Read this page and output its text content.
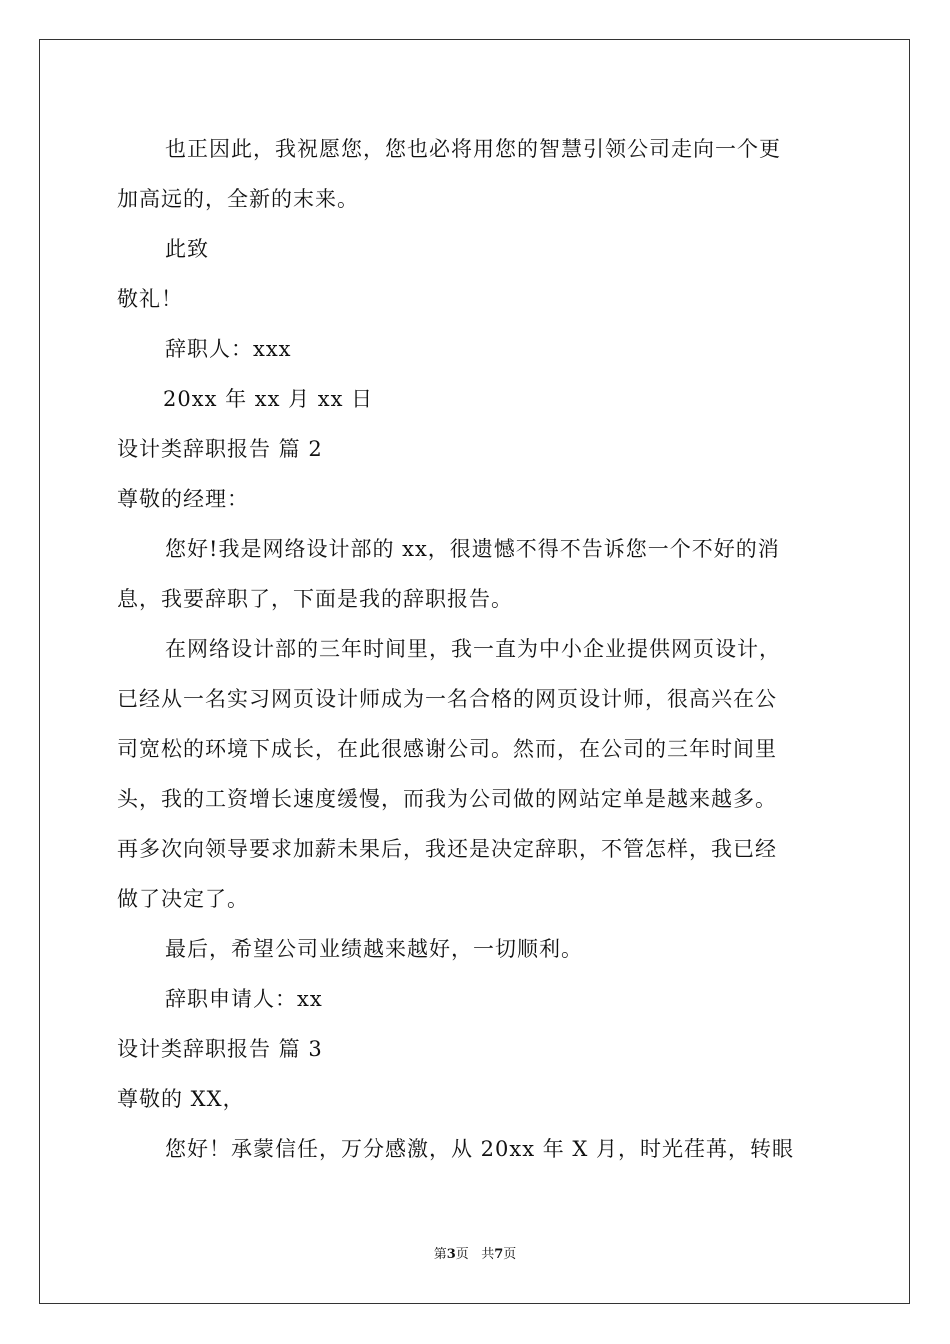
也正因此，我祝愿您，您也必将用您的智慧引领公司走向一个更
加高远的，全新的末来。
此致
敬礼！
辞职人：xxx
20xx 年 xx 月 xx 日
设计类辞职报告 篇 2
尊敬的经理：
您好!我是网络设计部的 xx，很遗憾不得不告诉您一个不好的消
息，我要辞职了，下面是我的辞职报告。
在网络设计部的三年时间里，我一直为中小企业提供网页设计，
已经从一名实习网页设计师成为一名合格的网页设计师，很高兴在公
司宽松的环境下成长，在此很感谢公司。然而，在公司的三年时间里
头，我的工资增长速度缓慢，而我为公司做的网站定单是越来越多。
再多次向领导要求加薪未果后，我还是决定辞职，不管怎样，我已经
做了决定了。
最后，希望公司业绩越来越好，一切顺利。
辞职申请人：xx
设计类辞职报告 篇 3
尊敬的 XX，
您好！承蒙信任，万分感激，从 20xx 年 X 月，时光荏苒，转眼
第3页 共7页
